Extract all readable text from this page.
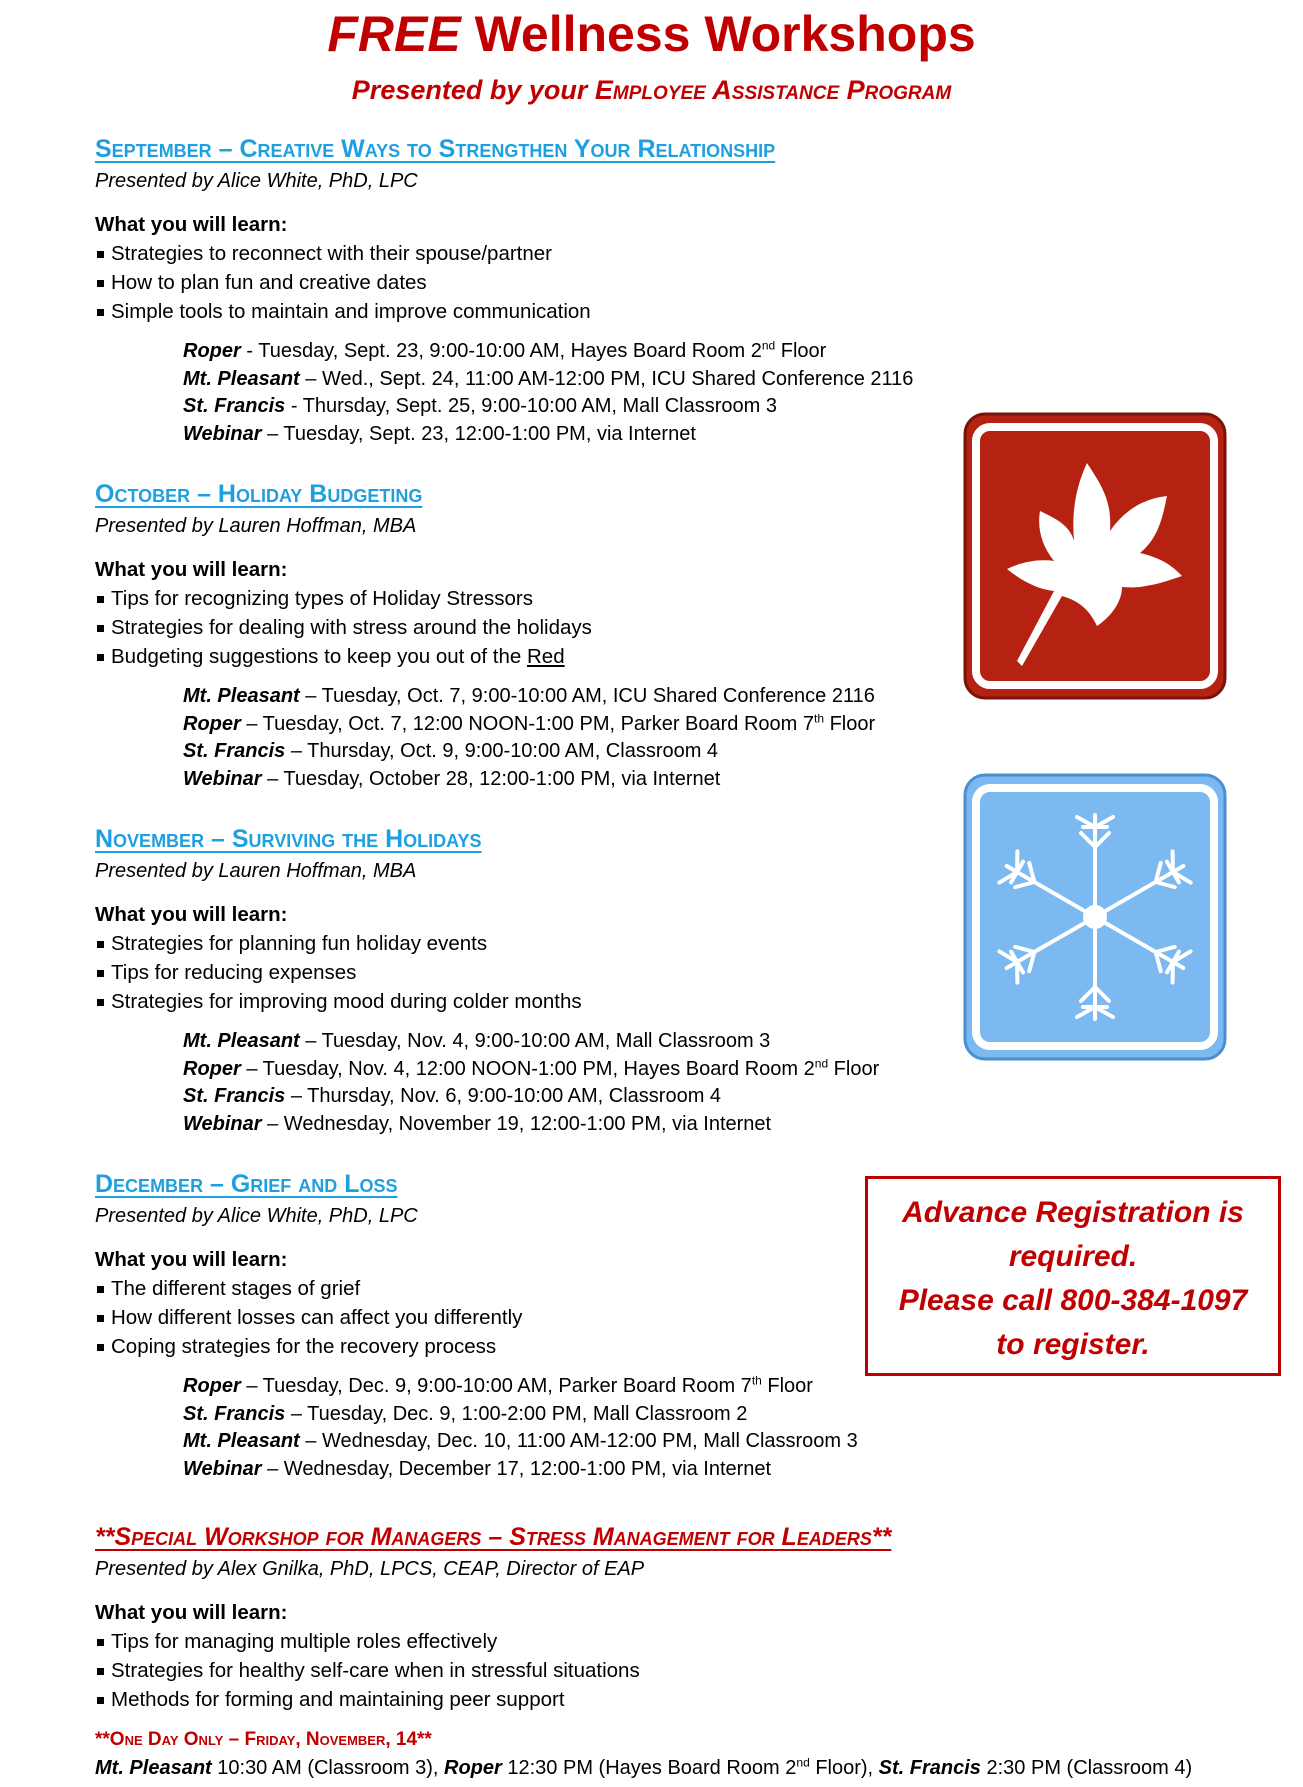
FREE Wellness Workshops
Presented by your Employee Assistance Program
September – Creative Ways to Strengthen Your Relationship
Presented by Alice White, PhD, LPC
What you will learn:
Strategies to reconnect with their spouse/partner
How to plan fun and creative dates
Simple tools to maintain and improve communication
Roper - Tuesday, Sept. 23, 9:00-10:00 AM, Hayes Board Room 2nd Floor
Mt. Pleasant – Wed., Sept. 24, 11:00 AM-12:00 PM, ICU Shared Conference 2116
St. Francis - Thursday, Sept. 25, 9:00-10:00 AM, Mall Classroom 3
Webinar – Tuesday, Sept. 23, 12:00-1:00 PM, via Internet
October – Holiday Budgeting
Presented by Lauren Hoffman, MBA
What you will learn:
Tips for recognizing types of Holiday Stressors
Strategies for dealing with stress around the holidays
Budgeting suggestions to keep you out of the Red
Mt. Pleasant – Tuesday, Oct. 7, 9:00-10:00 AM, ICU Shared Conference 2116
Roper – Tuesday, Oct. 7, 12:00 NOON-1:00 PM, Parker Board Room 7th Floor
St. Francis – Thursday, Oct. 9, 9:00-10:00 AM, Classroom 4
Webinar – Tuesday, October 28, 12:00-1:00 PM, via Internet
November – Surviving the Holidays
Presented by Lauren Hoffman, MBA
What you will learn:
Strategies for planning fun holiday events
Tips for reducing expenses
Strategies for improving mood during colder months
Mt. Pleasant – Tuesday, Nov. 4, 9:00-10:00 AM, Mall Classroom 3
Roper – Tuesday, Nov. 4, 12:00 NOON-1:00 PM, Hayes Board Room 2nd Floor
St. Francis – Thursday, Nov. 6, 9:00-10:00 AM, Classroom 4
Webinar – Wednesday, November 19, 12:00-1:00 PM, via Internet
December – Grief and Loss
Presented by Alice White, PhD, LPC
What you will learn:
The different stages of grief
How different losses can affect you differently
Coping strategies for the recovery process
Roper – Tuesday, Dec. 9, 9:00-10:00 AM, Parker Board Room 7th Floor
St. Francis – Tuesday, Dec. 9, 1:00-2:00 PM, Mall Classroom 2
Mt. Pleasant – Wednesday, Dec. 10, 11:00 AM-12:00 PM, Mall Classroom 3
Webinar – Wednesday, December 17, 12:00-1:00 PM, via Internet
**Special Workshop for Managers – Stress Management for Leaders**
Presented by Alex Gnilka, PhD, LPCS, CEAP, Director of EAP
What you will learn:
Tips for managing multiple roles effectively
Strategies for healthy self-care when in stressful situations
Methods for forming and maintaining peer support
**One Day Only – Friday, November, 14**
Mt. Pleasant 10:30 AM (Classroom 3), Roper 12:30 PM (Hayes Board Room 2nd Floor), St. Francis 2:30 PM (Classroom 4)
Advance Registration is
required.
Please call 800-384-1097
to register.
